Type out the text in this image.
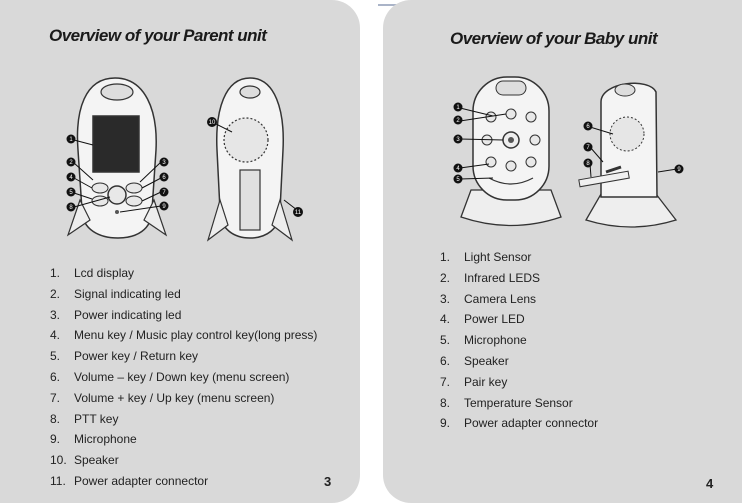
Overview of your Parent unit
1
2	3
4
5
6
7
8	9
10
11
1. Lcd display
2. Signal indicating led
3. Power indicating led
4. Menu key / Music play control key(long press)
5. Power key / Return key
6. Volume – key / Down key (menu screen)
7. Volume + key / Up key (menu screen)
8. PTT key
9. Microphone
10. Speaker
11. Power adapter connector	3
Overview of your Baby unit
1
2
3
4
5
6
7
8
9
1. Light Sensor
2. Infrared LEDS
3. Camera Lens
4. Power LED
5. Microphone
6. Speaker
7. Pair key
8. Temperature Sensor
9. Power adapter connector
4
